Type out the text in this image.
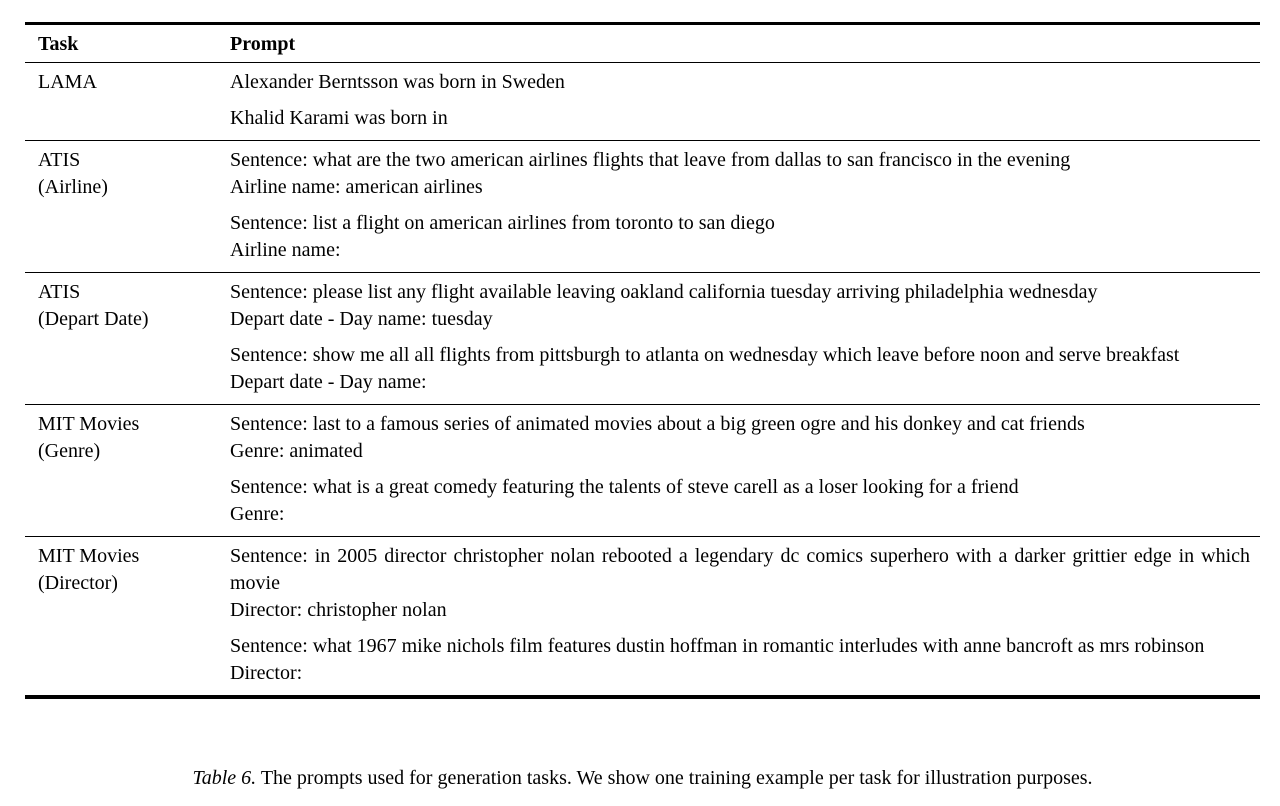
Task	Prompt
LAMA	Alexander Berntsson was born in Sweden
Khalid Karami was born in
ATIS
(Airline)
Sentence: what are the two american airlines flights that leave from dallas to san francisco in the evening
Airline name: american airlines
Sentence: list a flight on american airlines from toronto to san diego
Airline name:
ATIS
(Depart Date)
Sentence: please list any flight available leaving oakland california tuesday arriving philadelphia wednesday
Depart date - Day name: tuesday
Sentence: show me all all flights from pittsburgh to atlanta on wednesday which leave before noon and serve breakfast
Depart date - Day name:
MIT Movies
(Genre)
Sentence: last to a famous series of animated movies about a big green ogre and his donkey and cat friends
Genre: animated
Sentence: what is a great comedy featuring the talents of steve carell as a loser looking for a friend
Genre:
MIT Movies
(Director)
Sentence: in 2005 director christopher nolan rebooted a legendary dc comics superhero with a darker grittier edge in which movie
Director: christopher nolan
Sentence: what 1967 mike nichols film features dustin hoffman in romantic interludes with anne bancroft as mrs robinson
Director:
Table 6. The prompts used for generation tasks. We show one training example per task for illustration purposes.
